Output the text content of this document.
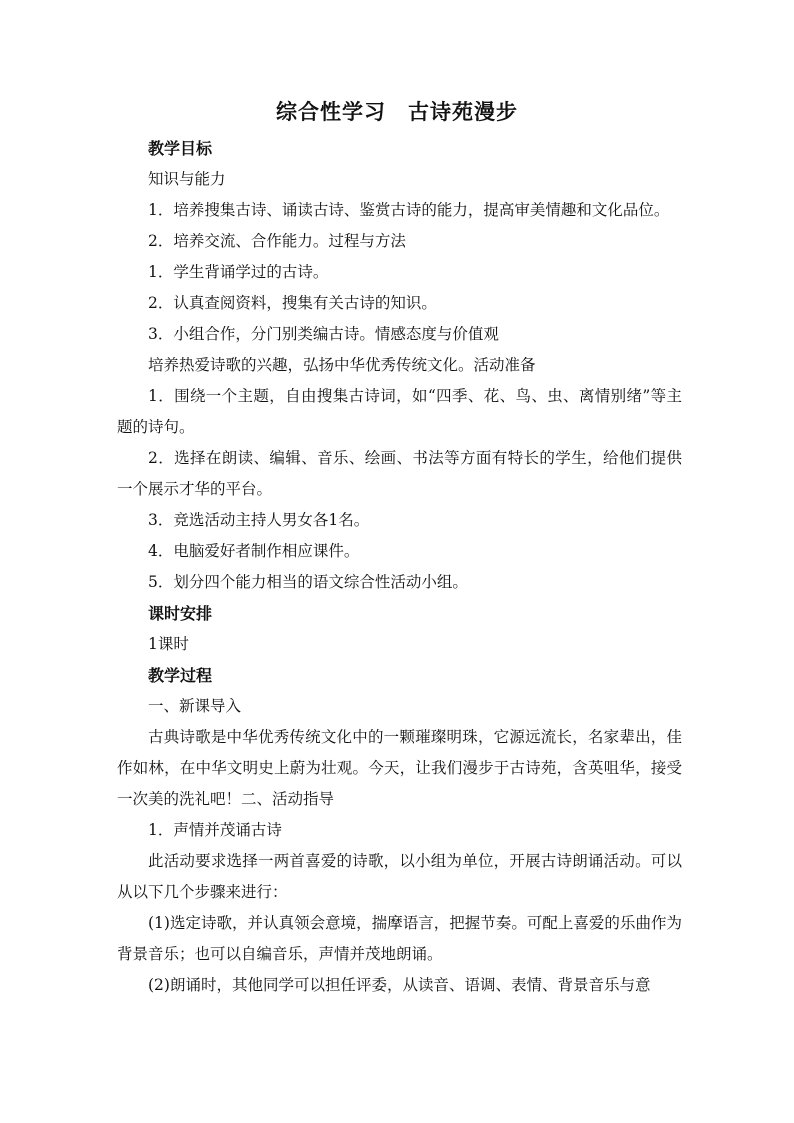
综合性学习　古诗苑漫步

教学目标

知识与能力

1．培养搜集古诗、诵读古诗、鉴赏古诗的能力，提高审美情趣和文化品位。

2．培养交流、合作能力。过程与方法

1．学生背诵学过的古诗。

2．认真查阅资料，搜集有关古诗的知识。

3．小组合作，分门别类编古诗。情感态度与价值观

培养热爱诗歌的兴趣，弘扬中华优秀传统文化。活动准备

1．围绕一个主题，自由搜集古诗词，如“四季、花、鸟、虫、离情别绪”等主题的诗句。

2．选择在朗读、编辑、音乐、绘画、书法等方面有特长的学生，给他们提供一个展示才华的平台。

3．竞选活动主持人男女各1名。

4．电脑爱好者制作相应课件。

5．划分四个能力相当的语文综合性活动小组。

课时安排

1课时

教学过程

一、新课导入

古典诗歌是中华优秀传统文化中的一颗璀璨明珠，它源远流长，名家辈出，佳作如林，在中华文明史上蔚为壮观。今天，让我们漫步于古诗苑，含英咀华，接受一次美的洗礼吧！二、活动指导

1．声情并茂诵古诗

此活动要求选择一两首喜爱的诗歌，以小组为单位，开展古诗朗诵活动。可以从以下几个步骤来进行：

(1)选定诗歌，并认真领会意境，揣摩语言，把握节奏。可配上喜爱的乐曲作为背景音乐；也可以自编音乐，声情并茂地朗诵。

(2)朗诵时，其他同学可以担任评委，从读音、语调、表情、背景音乐与意
